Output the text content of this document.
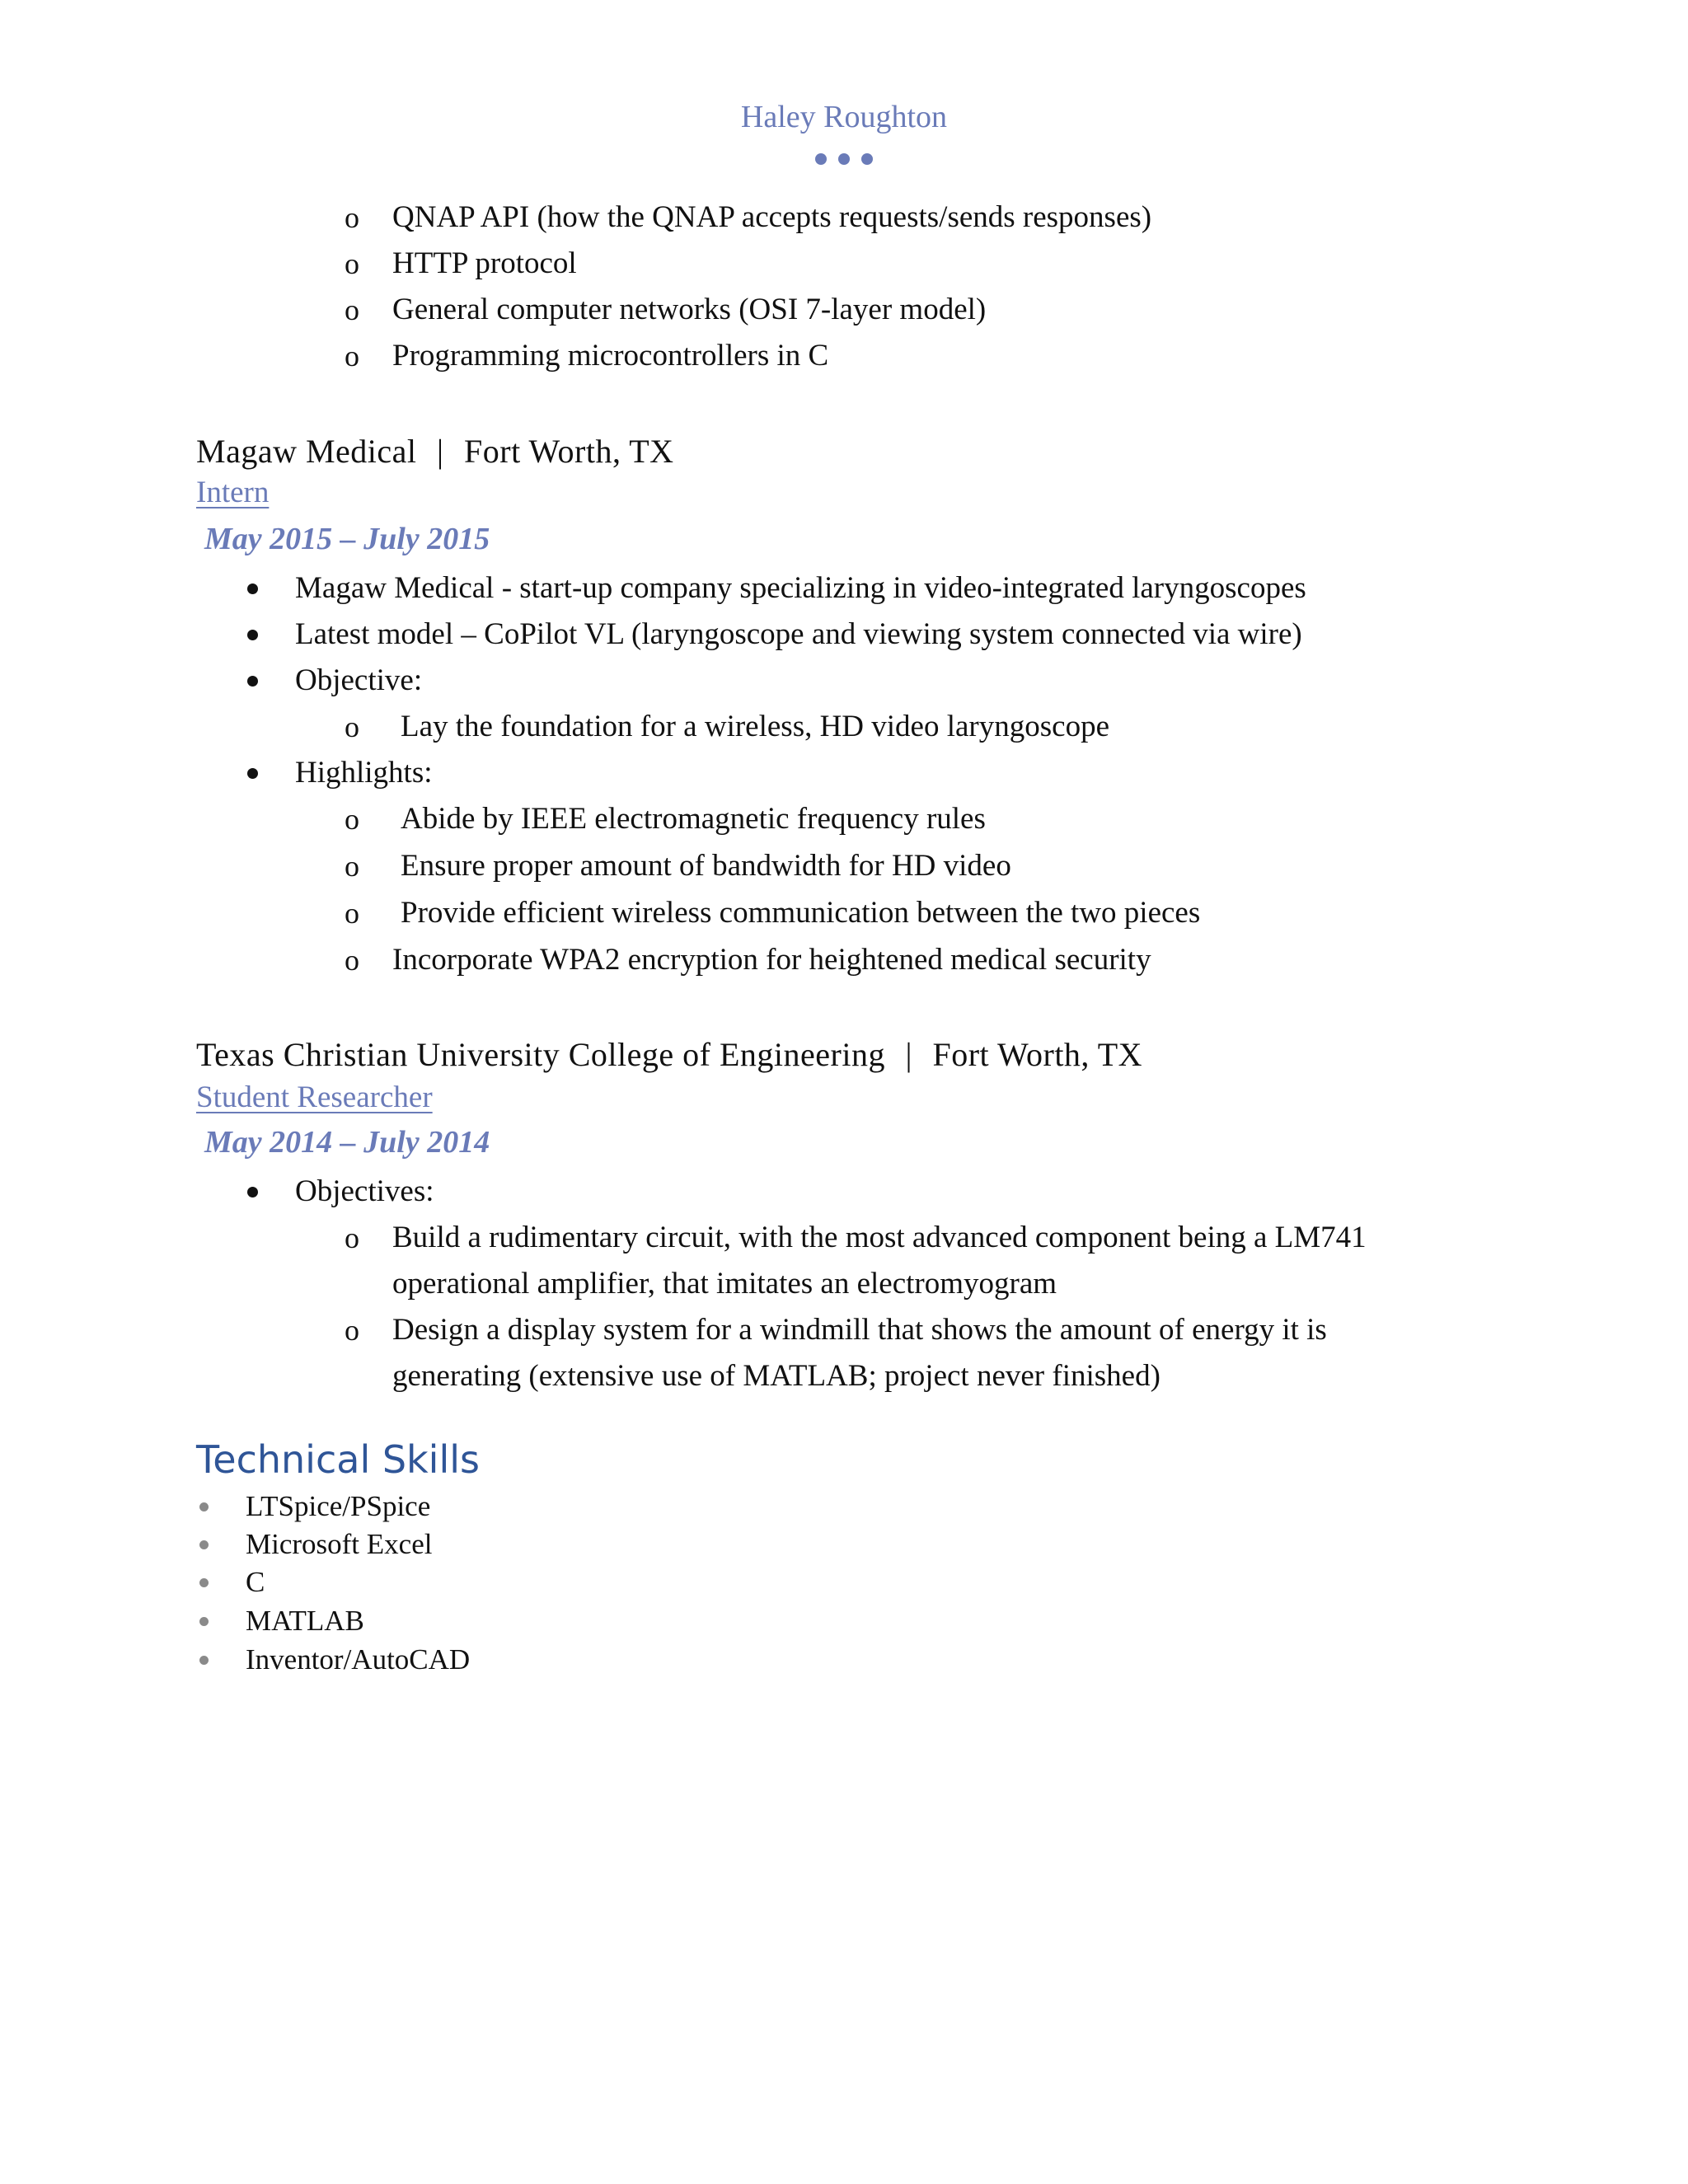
Haley Roughton
o QNAP API (how the QNAP accepts requests/sends responses)
o HTTP protocol
o General computer networks (OSI 7-layer model)
o Programming microcontrollers in C
Magaw Medical | Fort Worth, TX
Intern
May 2015 – July 2015
Magaw Medical - start-up company specializing in video-integrated laryngoscopes
Latest model – CoPilot VL (laryngoscope and viewing system connected via wire)
Objective:
o Lay the foundation for a wireless, HD video laryngoscope
Highlights:
o Abide by IEEE electromagnetic frequency rules
o Ensure proper amount of bandwidth for HD video
o Provide efficient wireless communication between the two pieces
o Incorporate WPA2 encryption for heightened medical security
Texas Christian University College of Engineering | Fort Worth, TX
Student Researcher
May 2014 – July 2014
Objectives:
o Build a rudimentary circuit, with the most advanced component being a LM741
operational amplifier, that imitates an electromyogram
o Design a display system for a windmill that shows the amount of energy it is
generating (extensive use of MATLAB; project never finished)
Technical Skills
LTSpice/PSpice
Microsoft Excel
C
MATLAB
Inventor/AutoCAD
